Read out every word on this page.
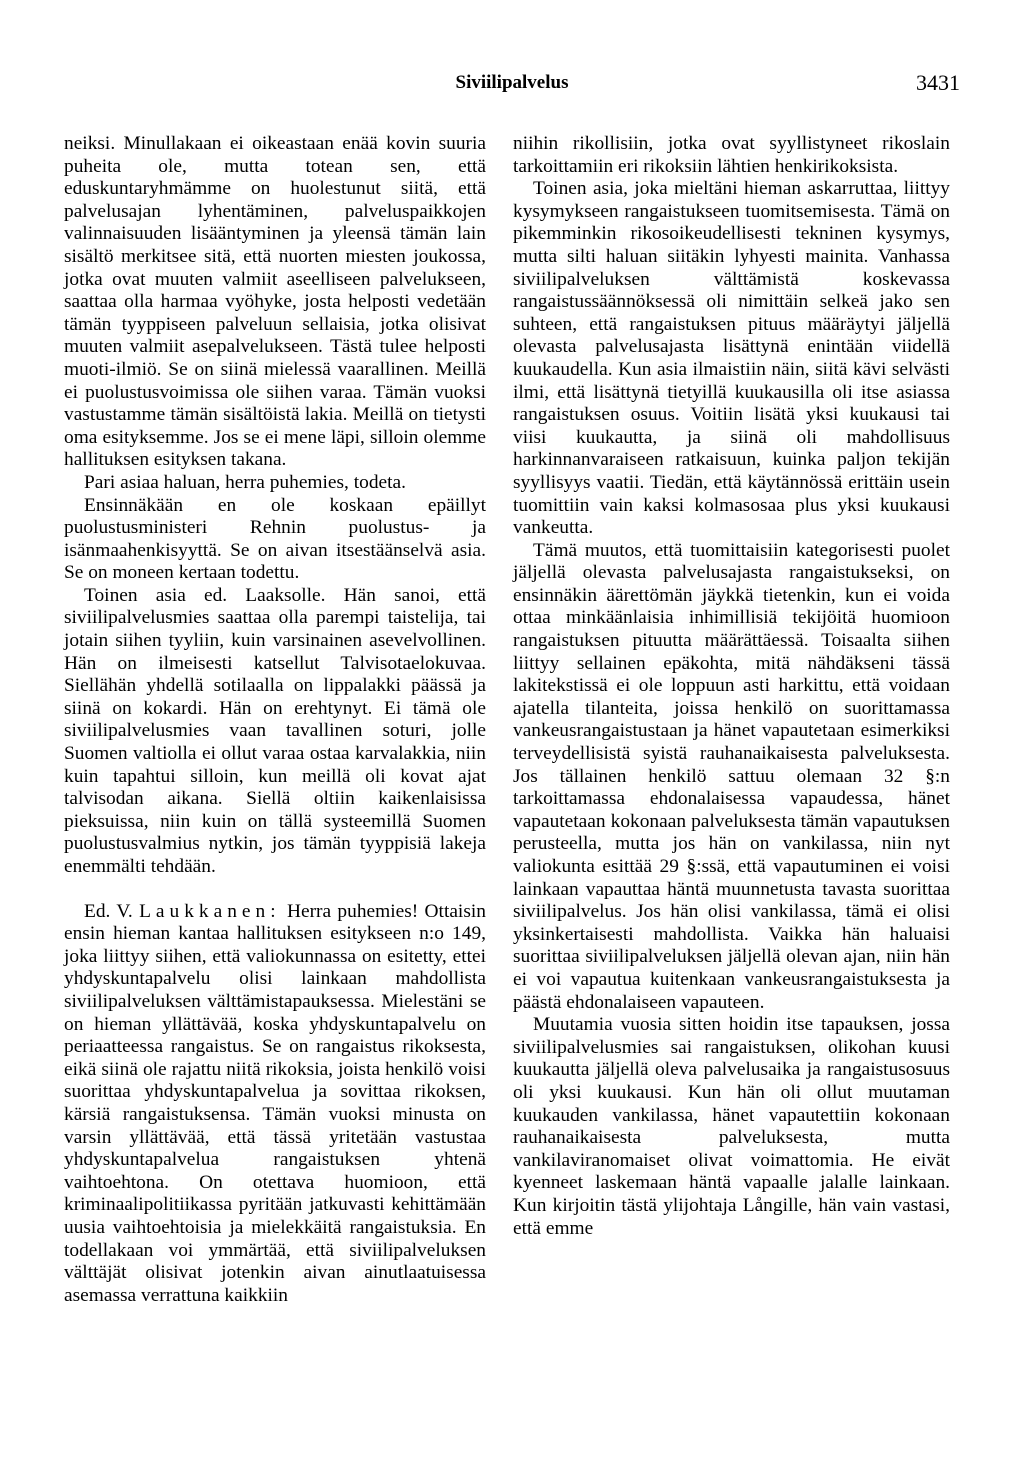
Siviilipalvelus	3431

neiksi. Minullakaan ei oikeastaan enää kovin suuria puheita ole, mutta totean sen, että eduskuntaryhmämme on huolestunut siitä, että palvelusajan lyhentäminen, palveluspaikkojen valinnaisuuden lisääntyminen ja yleensä tämän lain sisältö merkitsee sitä, että nuorten miesten joukossa, jotka ovat muuten valmiit aseelliseen palvelukseen, saattaa olla harmaa vyöhyke, josta helposti vedetään tämän tyyppiseen palveluun sellaisia, jotka olisivat muuten valmiit asepalvelukseen. Tästä tulee helposti muoti-ilmiö. Se on siinä mielessä vaarallinen. Meillä ei puolustusvoimissa ole siihen varaa. Tämän vuoksi vastustamme tämän sisältöistä lakia. Meillä on tietysti oma esityksemme. Jos se ei mene läpi, silloin olemme hallituksen esityksen takana.

Pari asiaa haluan, herra puhemies, todeta.

Ensinnäkään en ole koskaan epäillyt puolustusministeri Rehnin puolustus- ja isänmaahenkisyyttä. Se on aivan itsestäänselvä asia. Se on moneen kertaan todettu.

Toinen asia ed. Laaksolle. Hän sanoi, että siviilipalvelusmies saattaa olla parempi taistelija, tai jotain siihen tyyliin, kuin varsinainen asevelvollinen. Hän on ilmeisesti katsellut Talvisotaelokuvaa. Siellähän yhdellä sotilaalla on lippalakki päässä ja siinä on kokardi. Hän on erehtynyt. Ei tämä ole siviilipalvelusmies vaan tavallinen soturi, jolle Suomen valtiolla ei ollut varaa ostaa karvalakkia, niin kuin tapahtui silloin, kun meillä oli kovat ajat talvisodan aikana. Siellä oltiin kaikenlaisissa pieksuissa, niin kuin on tällä systeemillä Suomen puolustusvalmius nytkin, jos tämän tyyppisiä lakeja enemmälti tehdään.

Ed. V. Laukkanen: Herra puhemies! Ottaisin ensin hieman kantaa hallituksen esitykseen n:o 149, joka liittyy siihen, että valiokunnassa on esitetty, ettei yhdyskuntapalvelu olisi lainkaan mahdollista siviilipalveluksen välttämistapauksessa. Mielestäni se on hieman yllättävää, koska yhdyskuntapalvelu on periaatteessa rangaistus. Se on rangaistus rikoksesta, eikä siinä ole rajattu niitä rikoksia, joista henkilö voisi suorittaa yhdyskuntapalvelua ja sovittaa rikoksen, kärsiä rangaistuksensa. Tämän vuoksi minusta on varsin yllättävää, että tässä yritetään vastustaa yhdyskuntapalvelua rangaistuksen yhtenä vaihtoehtona. On otettava huomioon, että kriminaalipolitiikassa pyritään jatkuvasti kehittämään uusia vaihtoehtoisia ja mielekkäitä rangaistuksia. En todellakaan voi ymmärtää, että siviilipalveluksen välttäjät olisivat jotenkin aivan ainutlaatuisessa asemassa verrattuna kaikkiin

niihin rikollisiin, jotka ovat syyllistyneet rikoslain tarkoittamiin eri rikoksiin lähtien henkirikoksista.

Toinen asia, joka mieltäni hieman askarruttaa, liittyy kysymykseen rangaistukseen tuomitsemisesta. Tämä on pikemminkin rikosoikeudellisesti tekninen kysymys, mutta silti haluan siitäkin lyhyesti mainita. Vanhassa siviilipalveluksen välttämistä koskevassa rangaistussäännöksessä oli nimittäin selkeä jako sen suhteen, että rangaistuksen pituus määräytyi jäljellä olevasta palvelusajasta lisättynä enintään viidellä kuukaudella. Kun asia ilmaistiin näin, siitä kävi selvästi ilmi, että lisättynä tietyillä kuukausilla oli itse asiassa rangaistuksen osuus. Voitiin lisätä yksi kuukausi tai viisi kuukautta, ja siinä oli mahdollisuus harkinnanvaraiseen ratkaisuun, kuinka paljon tekijän syyllisyys vaatii. Tiedän, että käytännössä erittäin usein tuomittiin vain kaksi kolmasosaa plus yksi kuukausi vankeutta.

Tämä muutos, että tuomittaisiin kategorisesti puolet jäljellä olevasta palvelusajasta rangaistukseksi, on ensinnäkin äärettömän jäykkä tietenkin, kun ei voida ottaa minkäänlaisia inhimillisiä tekijöitä huomioon rangaistuksen pituutta määrättäessä. Toisaalta siihen liittyy sellainen epäkohta, mitä nähdäkseni tässä lakitekstissä ei ole loppuun asti harkittu, että voidaan ajatella tilanteita, joissa henkilö on suorittamassa vankeusrangaistustaan ja hänet vapautetaan esimerkiksi terveydellisistä syistä rauhanaikaisesta palveluksesta. Jos tällainen henkilö sattuu olemaan 32 §:n tarkoittamassa ehdonalaisessa vapaudessa, hänet vapautetaan kokonaan palveluksesta tämän vapautuksen perusteella, mutta jos hän on vankilassa, niin nyt valiokunta esittää 29 §:ssä, että vapautuminen ei voisi lainkaan vapauttaa häntä muunnetusta tavasta suorittaa siviilipalvelus. Jos hän olisi vankilassa, tämä ei olisi yksinkertaisesti mahdollista. Vaikka hän haluaisi suorittaa siviilipalveluksen jäljellä olevan ajan, niin hän ei voi vapautua kuitenkaan vankeusrangaistuksesta ja päästä ehdonalaiseen vapauteen.

Muutamia vuosia sitten hoidin itse tapauksen, jossa siviilipalvelusmies sai rangaistuksen, olikohan kuusi kuukautta jäljellä oleva palvelusaika ja rangaistusosuus oli yksi kuukausi. Kun hän oli ollut muutaman kuukauden vankilassa, hänet vapautettiin kokonaan rauhanaikaisesta palveluksesta, mutta vankilaviranomaiset olivat voimattomia. He eivät kyenneet laskemaan häntä vapaalle jalalle lainkaan. Kun kirjoitin tästä ylijohtaja Långille, hän vain vastasi, että emme
